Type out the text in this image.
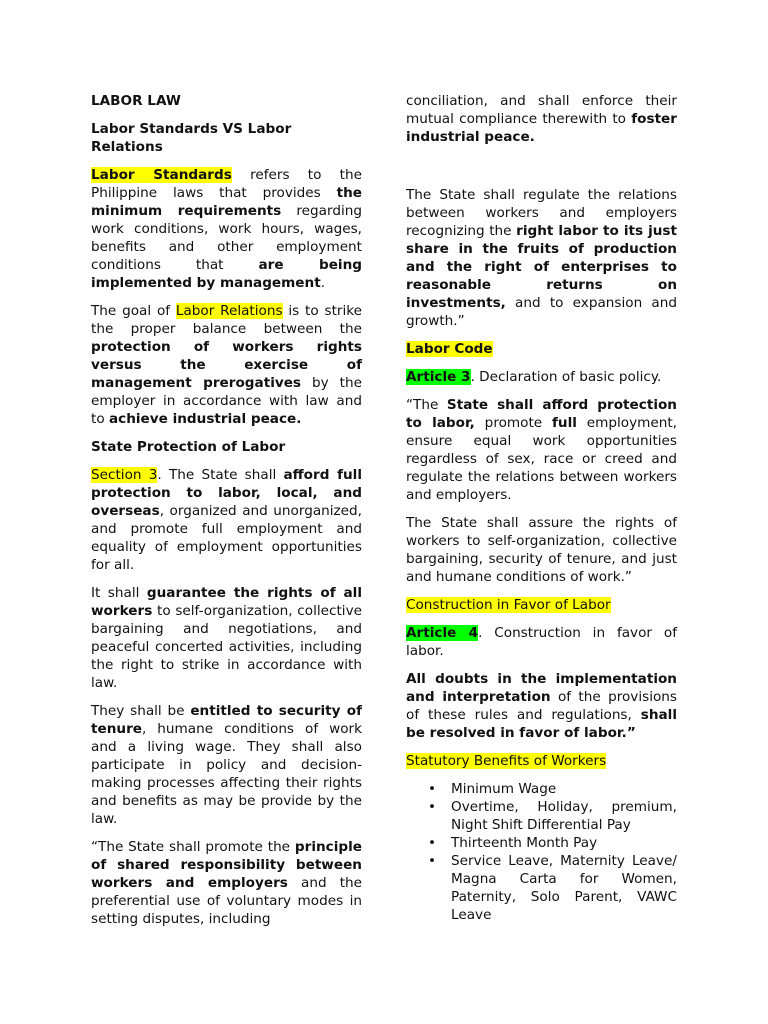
LABOR LAW
Labor Standards VS Labor Relations

Labor Standards refers to the Philippine laws that provides the minimum requirements regarding work conditions, work hours, wages, benefits and other employment conditions that are being implemented by management.

The goal of Labor Relations is to strike the proper balance between the protection of workers rights versus the exercise of management prerogatives by the employer in accordance with law and to achieve industrial peace.

State Protection of Labor

Section 3. The State shall afford full protection to labor, local, and overseas, organized and unorganized, and promote full employment and equality of employment opportunities for all.

It shall guarantee the rights of all workers to self-organization, collective bargaining and negotiations, and peaceful concerted activities, including the right to strike in accordance with law.

They shall be entitled to security of tenure, humane conditions of work and a living wage. They shall also participate in policy and decision-making processes affecting their rights and benefits as may be provide by the law.

“The State shall promote the principle of shared responsibility between workers and employers and the preferential use of voluntary modes in setting disputes, including

conciliation, and shall enforce their mutual compliance therewith to foster industrial peace.

The State shall regulate the relations between workers and employers recognizing the right labor to its just share in the fruits of production and the right of enterprises to reasonable returns on investments, and to expansion and growth.”

Labor Code

Article 3. Declaration of basic policy.

“The State shall afford protection to labor, promote full employment, ensure equal work opportunities regardless of sex, race or creed and regulate the relations between workers and employers.

The State shall assure the rights of workers to self-organization, collective bargaining, security of tenure, and just and humane conditions of work.”

Construction in Favor of Labor

Article 4. Construction in favor of labor.

All doubts in the implementation and interpretation of the provisions of these rules and regulations, shall be resolved in favor of labor.”

Statutory Benefits of Workers

• Minimum Wage
• Overtime, Holiday, premium, Night Shift Differential Pay
• Thirteenth Month Pay
• Service Leave, Maternity Leave/ Magna Carta for Women, Paternity, Solo Parent, VAWC Leave
